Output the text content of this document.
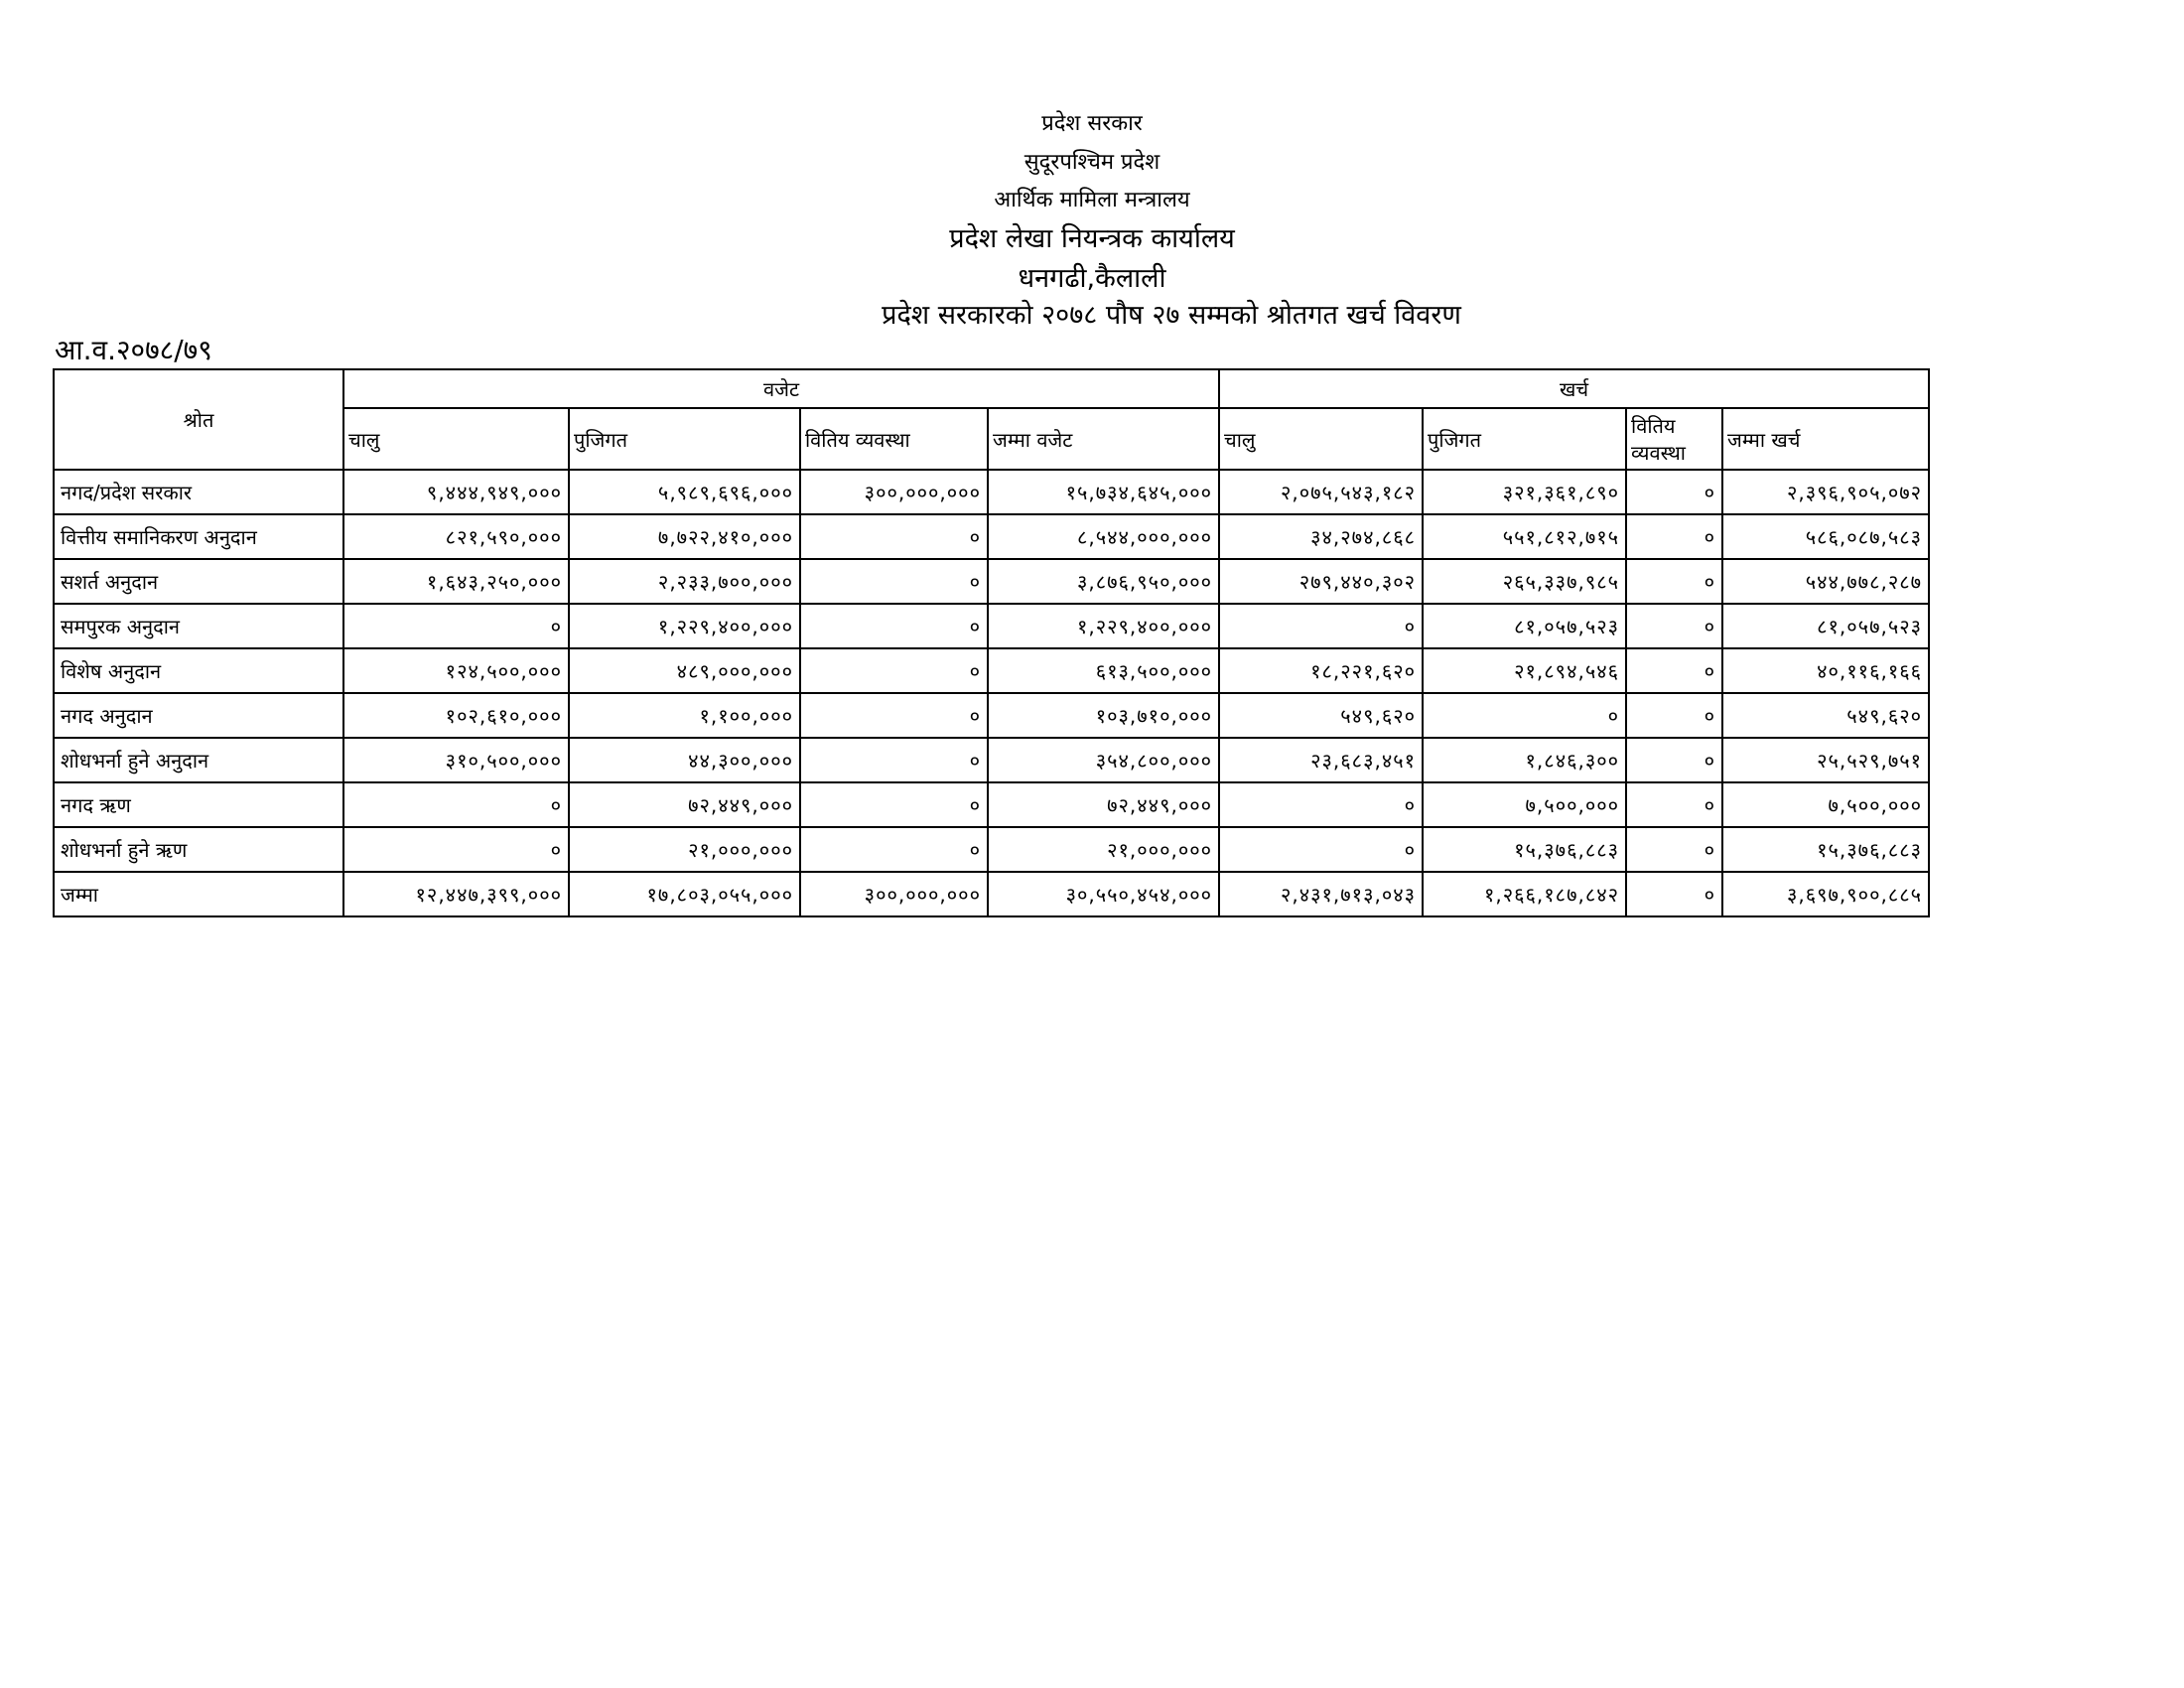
प्रदेश सरकार
सुदूरपश्चिम प्रदेश
आर्थिक मामिला मन्त्रालय
प्रदेश लेखा नियन्त्रक कार्यालय
धनगढी,कैलाली
प्रदेश सरकारको २०७८ पौष २७ सम्मको श्रोतगत खर्च विवरण
आ.व.२०७८/७९
श्रोत	वजेट				खर्च			
	चालु	पुजिगत	वितिय व्यवस्था	जम्मा वजेट	चालु	पुजिगत	वितिय व्यवस्था	जम्मा खर्च
नगद/प्रदेश सरकार	९,४४४,९४९,०००	५,९८९,६९६,०००	३००,०००,०००	१५,७३४,६४५,०००	२,०७५,५४३,१८२	३२१,३६१,८९०	०	२,३९६,९०५,०७२
वित्तीय समानिकरण अनुदान	८२१,५९०,०००	७,७२२,४१०,०००	०	८,५४४,०००,०००	३४,२७४,८६८	५५१,८१२,७१५	०	५८६,०८७,५८३
सशर्त अनुदान	१,६४३,२५०,०००	२,२३३,७००,०००	०	३,८७६,९५०,०००	२७९,४४०,३०२	२६५,३३७,९८५	०	५४४,७७८,२८७
समपुरक अनुदान	०	१,२२९,४००,०००	०	१,२२९,४००,०००	०	८१,०५७,५२३	०	८१,०५७,५२३
विशेष अनुदान	१२४,५००,०००	४८९,०००,०००	०	६१३,५००,०००	१८,२२१,६२०	२१,८९४,५४६	०	४०,११६,१६६
नगद अनुदान	१०२,६१०,०००	१,१००,०००	०	१०३,७१०,०००	५४९,६२०	०	०	५४९,६२०
शोधभर्ना हुने अनुदान	३१०,५००,०००	४४,३००,०००	०	३५४,८००,०००	२३,६८३,४५१	१,८४६,३००	०	२५,५२९,७५१
नगद ऋण	०	७२,४४९,०००	०	७२,४४९,०००	०	७,५००,०००	०	७,५००,०००
शोधभर्ना हुने ऋण	०	२१,०००,०००	०	२१,०००,०००	०	१५,३७६,८८३	०	१५,३७६,८८३
जम्मा	१२,४४७,३९९,०००	१७,८०३,०५५,०००	३००,०००,०००	३०,५५०,४५४,०००	२,४३१,७१३,०४३	१,२६६,१८७,८४२	०	३,६९७,९००,८८५
